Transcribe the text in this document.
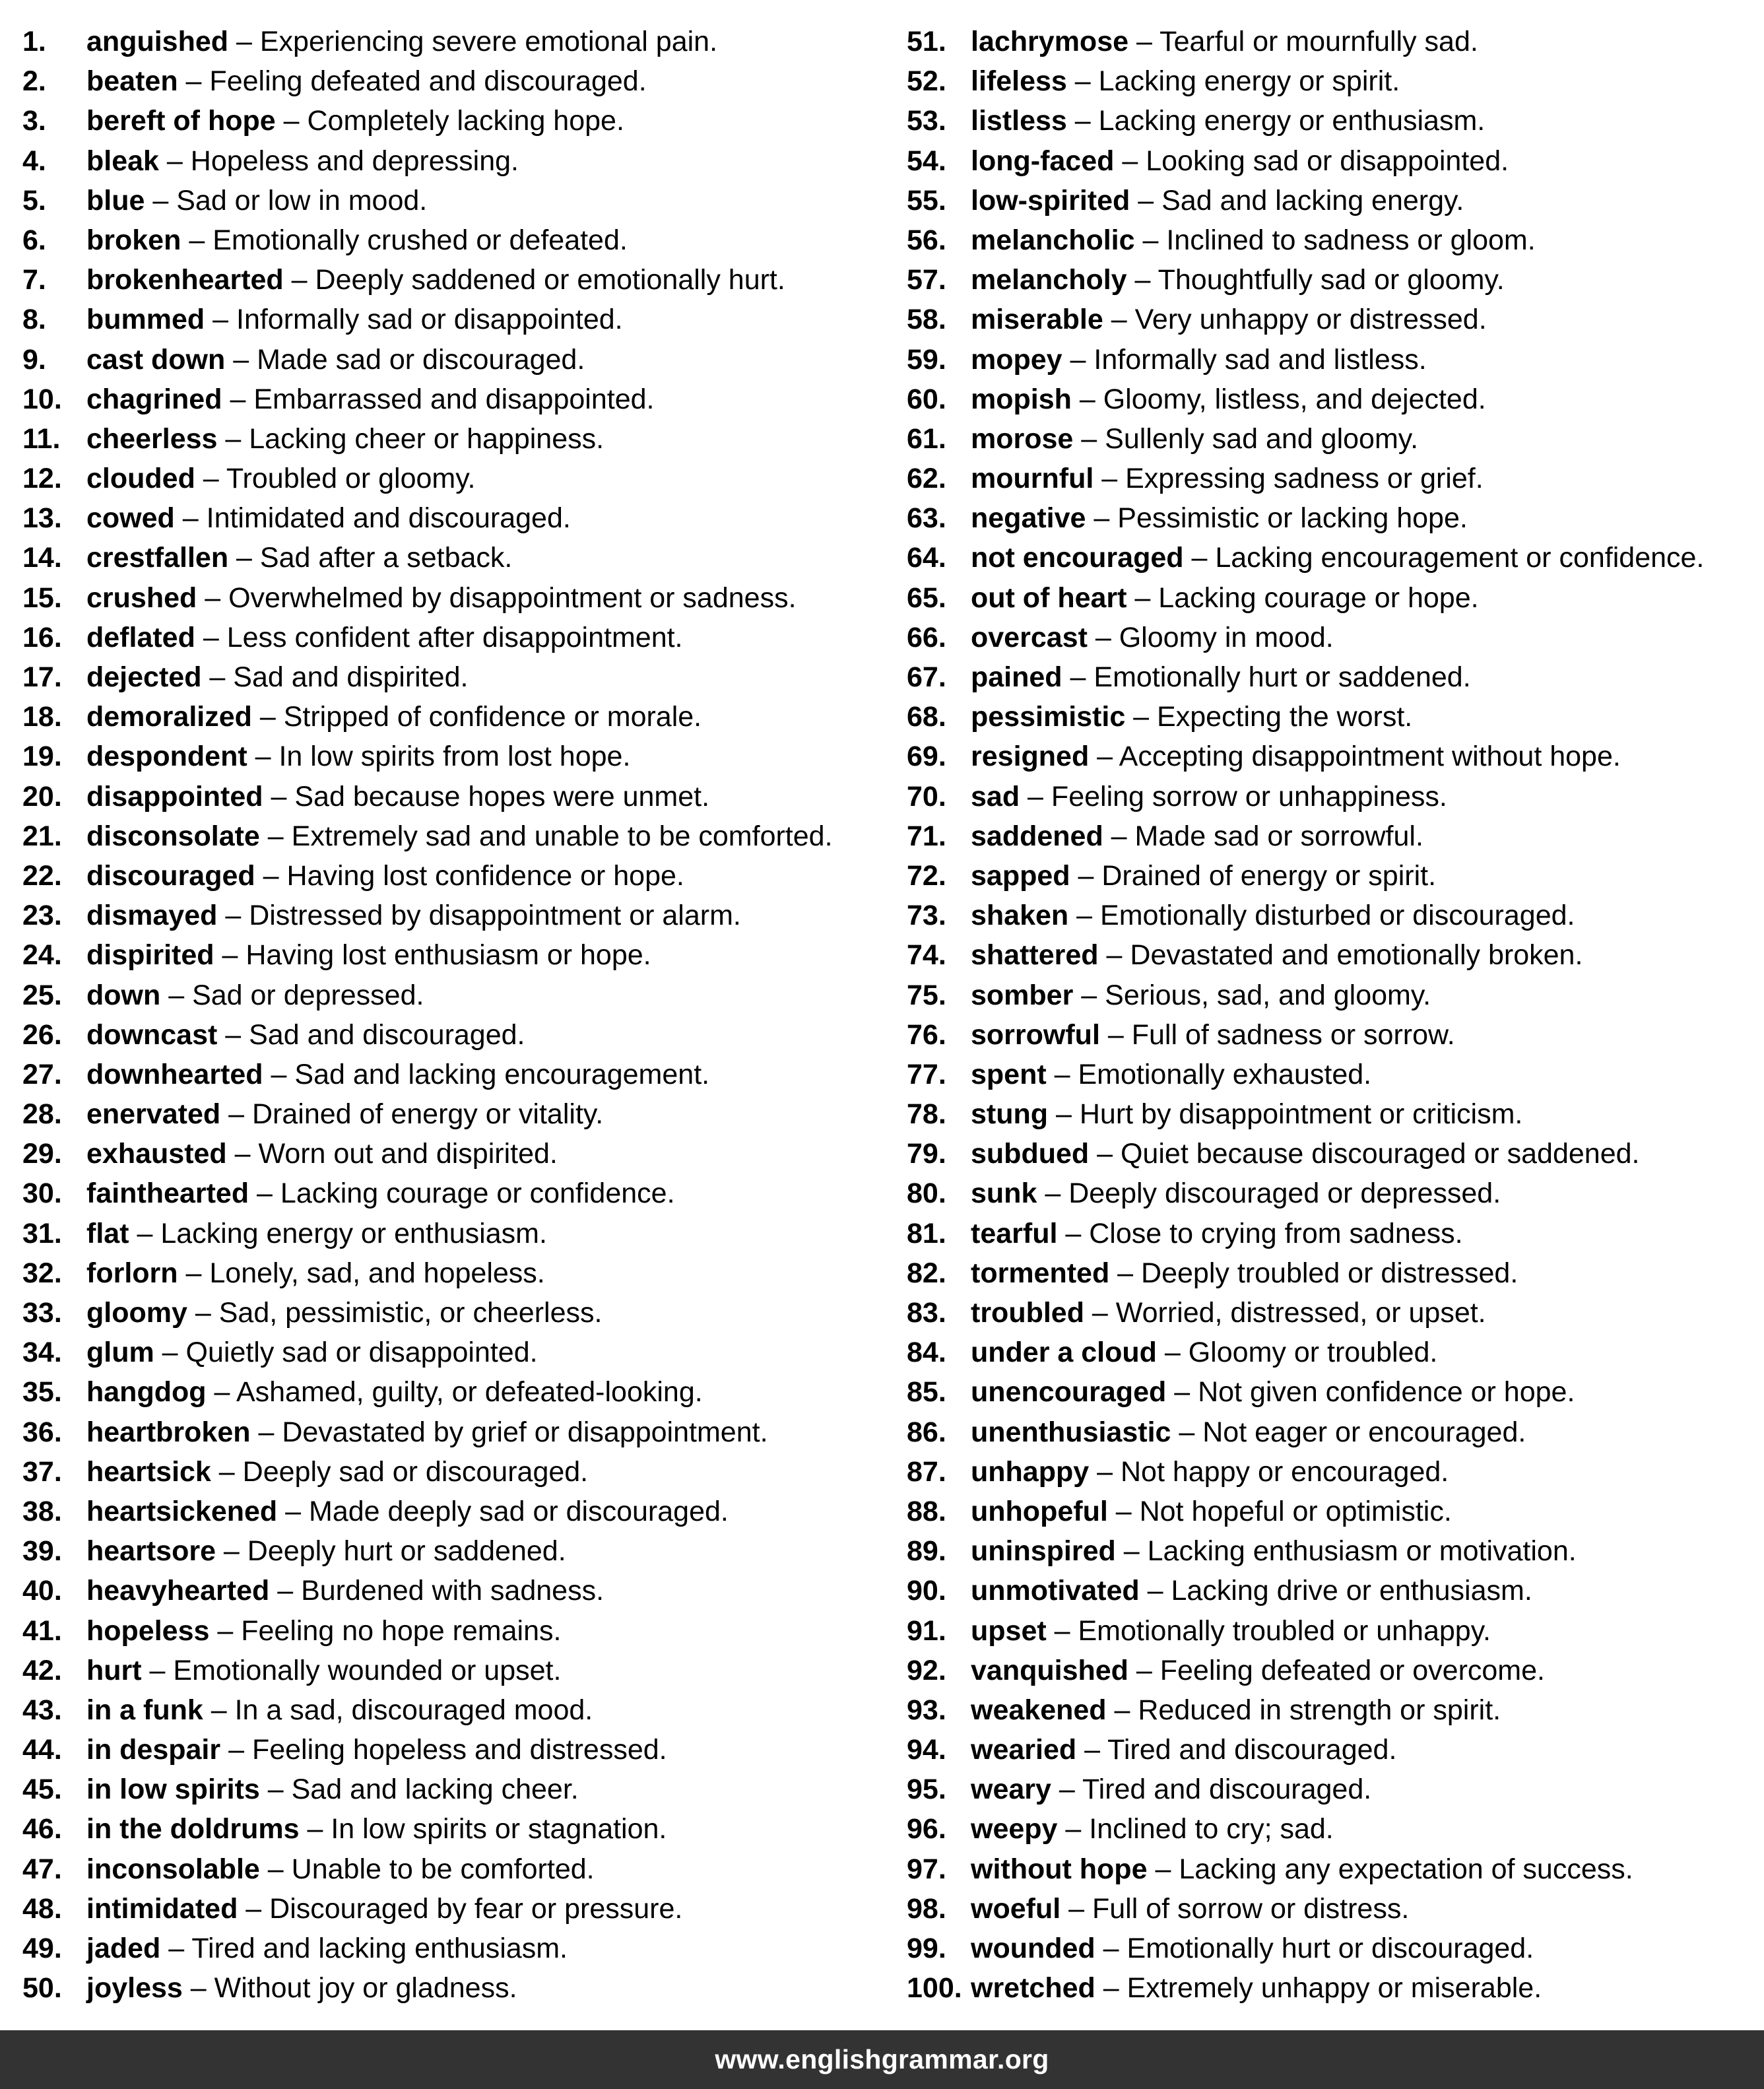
1. anguished – Experiencing severe emotional pain.
2. beaten – Feeling defeated and discouraged.
3. bereft of hope – Completely lacking hope.
4. bleak – Hopeless and depressing.
5. blue – Sad or low in mood.
6. broken – Emotionally crushed or defeated.
7. brokenhearted – Deeply saddened or emotionally hurt.
8. bummed – Informally sad or disappointed.
9. cast down – Made sad or discouraged.
10. chagrined – Embarrassed and disappointed.
11. cheerless – Lacking cheer or happiness.
12. clouded – Troubled or gloomy.
13. cowed – Intimidated and discouraged.
14. crestfallen – Sad after a setback.
15. crushed – Overwhelmed by disappointment or sadness.
16. deflated – Less confident after disappointment.
17. dejected – Sad and dispirited.
18. demoralized – Stripped of confidence or morale.
19. despondent – In low spirits from lost hope.
20. disappointed – Sad because hopes were unmet.
21. disconsolate – Extremely sad and unable to be comforted.
22. discouraged – Having lost confidence or hope.
23. dismayed – Distressed by disappointment or alarm.
24. dispirited – Having lost enthusiasm or hope.
25. down – Sad or depressed.
26. downcast – Sad and discouraged.
27. downhearted – Sad and lacking encouragement.
28. enervated – Drained of energy or vitality.
29. exhausted – Worn out and dispirited.
30. fainthearted – Lacking courage or confidence.
31. flat – Lacking energy or enthusiasm.
32. forlorn – Lonely, sad, and hopeless.
33. gloomy – Sad, pessimistic, or cheerless.
34. glum – Quietly sad or disappointed.
35. hangdog – Ashamed, guilty, or defeated-looking.
36. heartbroken – Devastated by grief or disappointment.
37. heartsick – Deeply sad or discouraged.
38. heartsickened – Made deeply sad or discouraged.
39. heartsore – Deeply hurt or saddened.
40. heavyhearted – Burdened with sadness.
41. hopeless – Feeling no hope remains.
42. hurt – Emotionally wounded or upset.
43. in a funk – In a sad, discouraged mood.
44. in despair – Feeling hopeless and distressed.
45. in low spirits – Sad and lacking cheer.
46. in the doldrums – In low spirits or stagnation.
47. inconsolable – Unable to be comforted.
48. intimidated – Discouraged by fear or pressure.
49. jaded – Tired and lacking enthusiasm.
50. joyless – Without joy or gladness.
51. lachrymose – Tearful or mournfully sad.
52. lifeless – Lacking energy or spirit.
53. listless – Lacking energy or enthusiasm.
54. long-faced – Looking sad or disappointed.
55. low-spirited – Sad and lacking energy.
56. melancholic – Inclined to sadness or gloom.
57. melancholy – Thoughtfully sad or gloomy.
58. miserable – Very unhappy or distressed.
59. mopey – Informally sad and listless.
60. mopish – Gloomy, listless, and dejected.
61. morose – Sullenly sad and gloomy.
62. mournful – Expressing sadness or grief.
63. negative – Pessimistic or lacking hope.
64. not encouraged – Lacking encouragement or confidence.
65. out of heart – Lacking courage or hope.
66. overcast – Gloomy in mood.
67. pained – Emotionally hurt or saddened.
68. pessimistic – Expecting the worst.
69. resigned – Accepting disappointment without hope.
70. sad – Feeling sorrow or unhappiness.
71. saddened – Made sad or sorrowful.
72. sapped – Drained of energy or spirit.
73. shaken – Emotionally disturbed or discouraged.
74. shattered – Devastated and emotionally broken.
75. somber – Serious, sad, and gloomy.
76. sorrowful – Full of sadness or sorrow.
77. spent – Emotionally exhausted.
78. stung – Hurt by disappointment or criticism.
79. subdued – Quiet because discouraged or saddened.
80. sunk – Deeply discouraged or depressed.
81. tearful – Close to crying from sadness.
82. tormented – Deeply troubled or distressed.
83. troubled – Worried, distressed, or upset.
84. under a cloud – Gloomy or troubled.
85. unencouraged – Not given confidence or hope.
86. unenthusiastic – Not eager or encouraged.
87. unhappy – Not happy or encouraged.
88. unhopeful – Not hopeful or optimistic.
89. uninspired – Lacking enthusiasm or motivation.
90. unmotivated – Lacking drive or enthusiasm.
91. upset – Emotionally troubled or unhappy.
92. vanquished – Feeling defeated or overcome.
93. weakened – Reduced in strength or spirit.
94. wearied – Tired and discouraged.
95. weary – Tired and discouraged.
96. weepy – Inclined to cry; sad.
97. without hope – Lacking any expectation of success.
98. woeful – Full of sorrow or distress.
99. wounded – Emotionally hurt or discouraged.
100. wretched – Extremely unhappy or miserable.
www.englishgrammar.org
